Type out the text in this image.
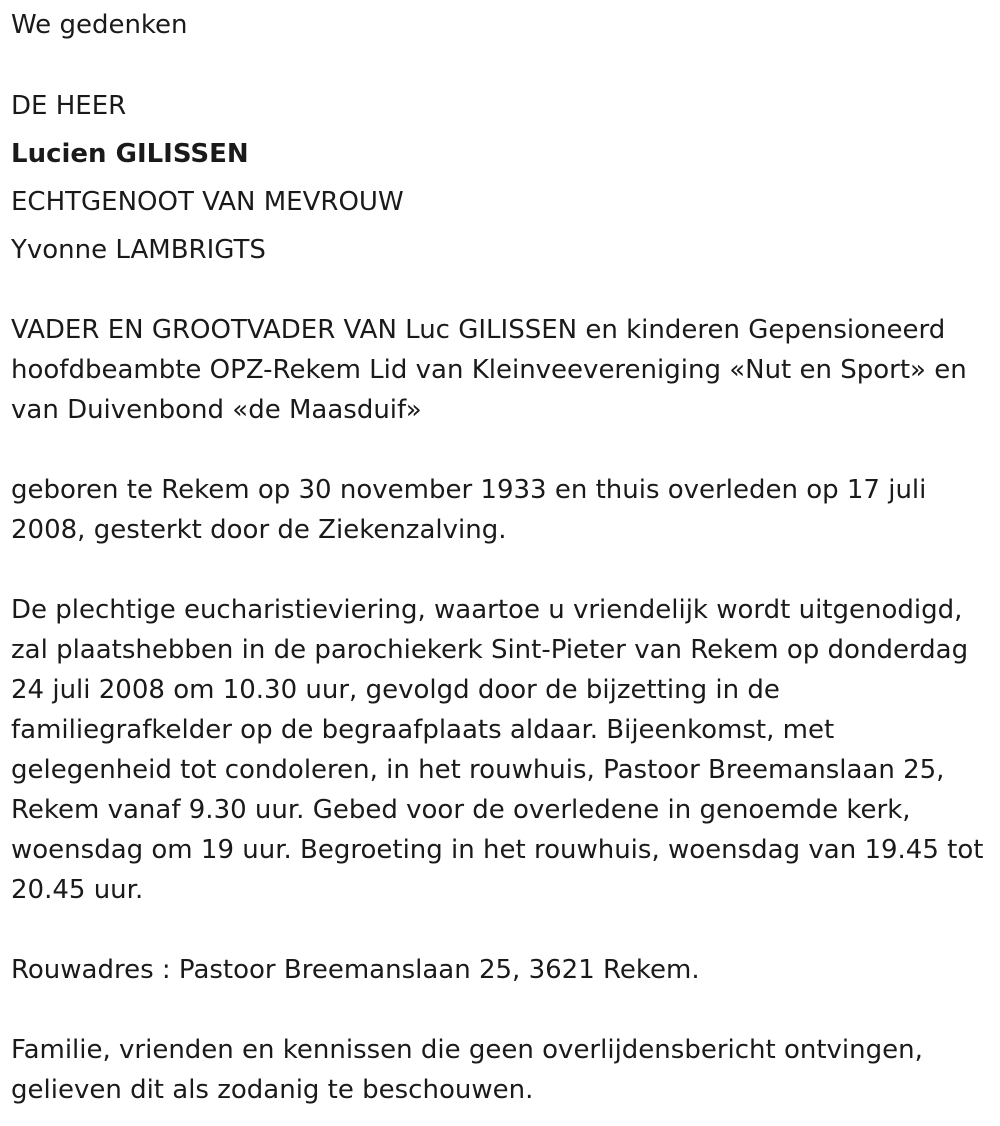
We gedenken
DE HEER
Lucien GILISSEN
ECHTGENOOT VAN MEVROUW
Yvonne LAMBRIGTS

VADER EN GROOTVADER VAN Luc GILISSEN en kinderen Gepensioneerd hoofdbeambte OPZ-Rekem Lid van Kleinveevereniging «Nut en Sport» en van Duivenbond «de Maasduif»

geboren te Rekem op 30 november 1933 en thuis overleden op 17 juli 2008, gesterkt door de Ziekenzalving.

De plechtige eucharistieviering, waartoe u vriendelijk wordt uitgenodigd, zal plaatshebben in de parochiekerk Sint-Pieter van Rekem op donderdag 24 juli 2008 om 10.30 uur, gevolgd door de bijzetting in de familiegrafkelder op de begraafplaats aldaar. Bijeenkomst, met gelegenheid tot condoleren, in het rouwhuis, Pastoor Breemanslaan 25, Rekem vanaf 9.30 uur. Gebed voor de overledene in genoemde kerk, woensdag om 19 uur. Begroeting in het rouwhuis, woensdag van 19.45 tot 20.45 uur.

Rouwadres : Pastoor Breemanslaan 25, 3621 Rekem.

Familie, vrienden en kennissen die geen overlijdensbericht ontvingen, gelieven dit als zodanig te beschouwen.
